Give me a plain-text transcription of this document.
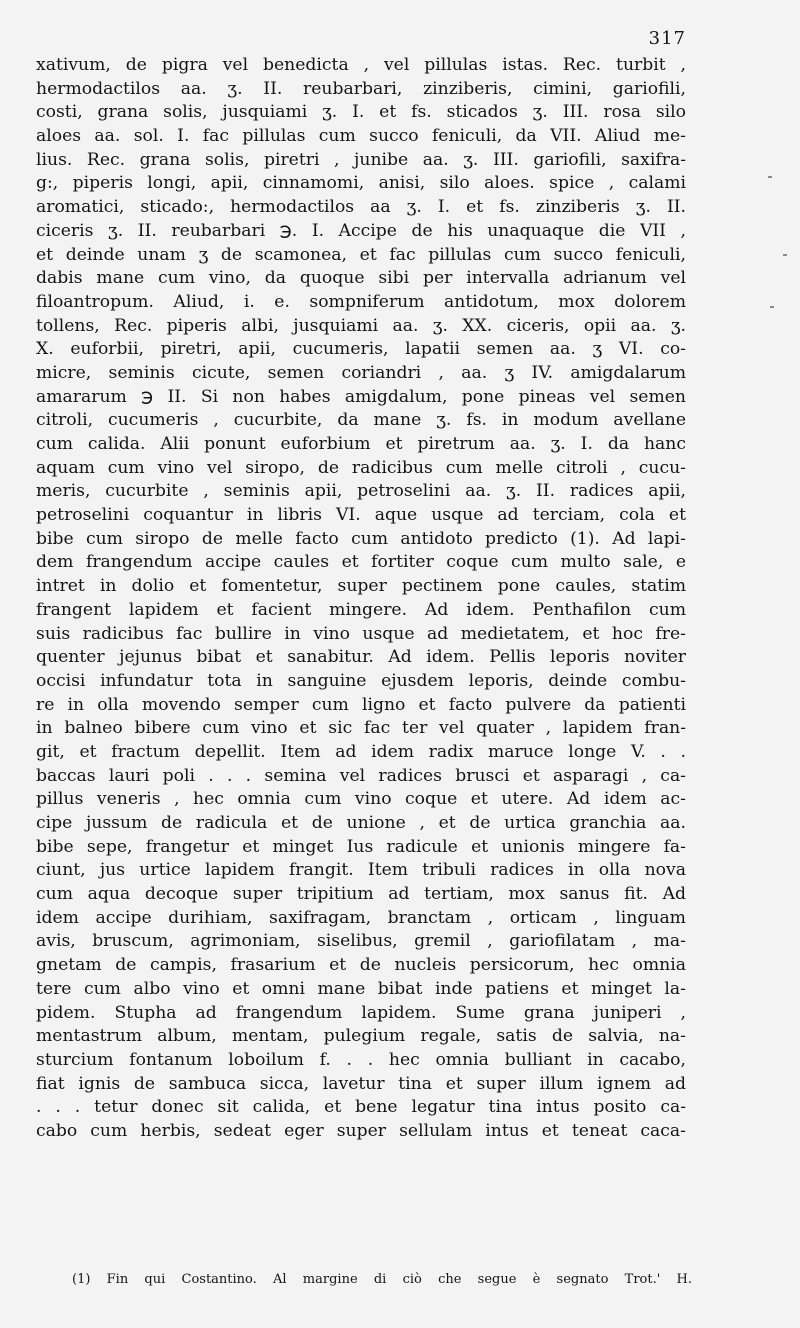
317
xativum, de pigra vel benedicta , vel pillulas istas. Rec. turbit ,
hermodactilos aa. ʒ. II. reubarbari, zinziberis, cimini, gariofili,
costi, grana solis, jusquiami ʒ. I. et fs. sticados ʒ. III. rosa silo
aloes aa. sol. I. fac pillulas cum succo feniculi, da VII. Aliud me-
lius. Rec. grana solis, piretri , junibe aa. ʒ. III. gariofili, saxifra-
g:, piperis longi, apii, cinnamomi, anisi, silo aloes. spice , calami
aromatici, sticado:, hermodactilos aa ʒ. I. et fs. zinziberis ʒ. II.
ciceris ʒ. II. reubarbari ℈. I. Accipe de his unaquaque die VII ,
et deinde unam ʒ de scamonea, et fac pillulas cum succo feniculi,
dabis mane cum vino, da quoque sibi per intervalla adrianum vel
filoantropum. Aliud, i. e. sompniferum antidotum, mox dolorem
tollens, Rec. piperis albi, jusquiami aa. ʒ. XX. ciceris, opii aa. ʒ.
X. euforbii, piretri, apii, cucumeris, lapatii semen aa. ʒ VI. co-
micre, seminis cicute, semen coriandri , aa. ʒ IV. amigdalarum
amararum ℈ II. Si non habes amigdalum, pone pineas vel semen
citroli, cucumeris , cucurbite, da mane ʒ. fs. in modum avellane
cum calida. Alii ponunt euforbium et piretrum aa. ʒ. I. da hanc
aquam cum vino vel siropo, de radicibus cum melle citroli , cucu-
meris, cucurbite , seminis apii, petroselini aa. ʒ. II. radices apii,
petroselini coquantur in libris VI. aque usque ad terciam, cola et
bibe cum siropo de melle facto cum antidoto predicto (1). Ad lapi-
dem frangendum accipe caules et fortiter coque cum multo sale, e
intret in dolio et fomentetur, super pectinem pone caules, statim
frangent lapidem et facient mingere. Ad idem. Penthafilon cum
suis radicibus fac bullire in vino usque ad medietatem, et hoc fre-
quenter jejunus bibat et sanabitur. Ad idem. Pellis leporis noviter
occisi infundatur tota in sanguine ejusdem leporis, deinde combu-
re in olla movendo semper cum ligno et facto pulvere da patienti
in balneo bibere cum vino et sic fac ter vel quater , lapidem fran-
git, et fractum depellit. Item ad idem radix maruce longe V. . .
baccas lauri poli . . . semina vel radices brusci et asparagi , ca-
pillus veneris , hec omnia cum vino coque et utere. Ad idem ac-
cipe jussum de radicula et de unione , et de urtica granchia aa.
bibe sepe, frangetur et minget Ius radicule et unionis mingere fa-
ciunt, jus urtice lapidem frangit. Item tribuli radices in olla nova
cum aqua decoque super tripitium ad tertiam, mox sanus fit. Ad
idem accipe durihiam, saxifragam, branctam , orticam , linguam
avis, bruscum, agrimoniam, siselibus, gremil , gariofilatam , ma-
gnetam de campis, frasarium et de nucleis persicorum, hec omnia
tere cum albo vino et omni mane bibat inde patiens et minget la-
pidem. Stupha ad frangendum lapidem. Sume grana juniperi ,
mentastrum album, mentam, pulegium regale, satis de salvia, na-
sturcium fontanum loboilum f. . . hec omnia bulliant in cacabo,
fiat ignis de sambuca sicca, lavetur tina et super illum ignem ad
. . . tetur donec sit calida, et bene legatur tina intus posito ca-
cabo cum herbis, sedeat eger super sellulam intus et teneat caca-
(1) Fin qui Costantino. Al margine di ciò che segue è segnato Trot.' H.
